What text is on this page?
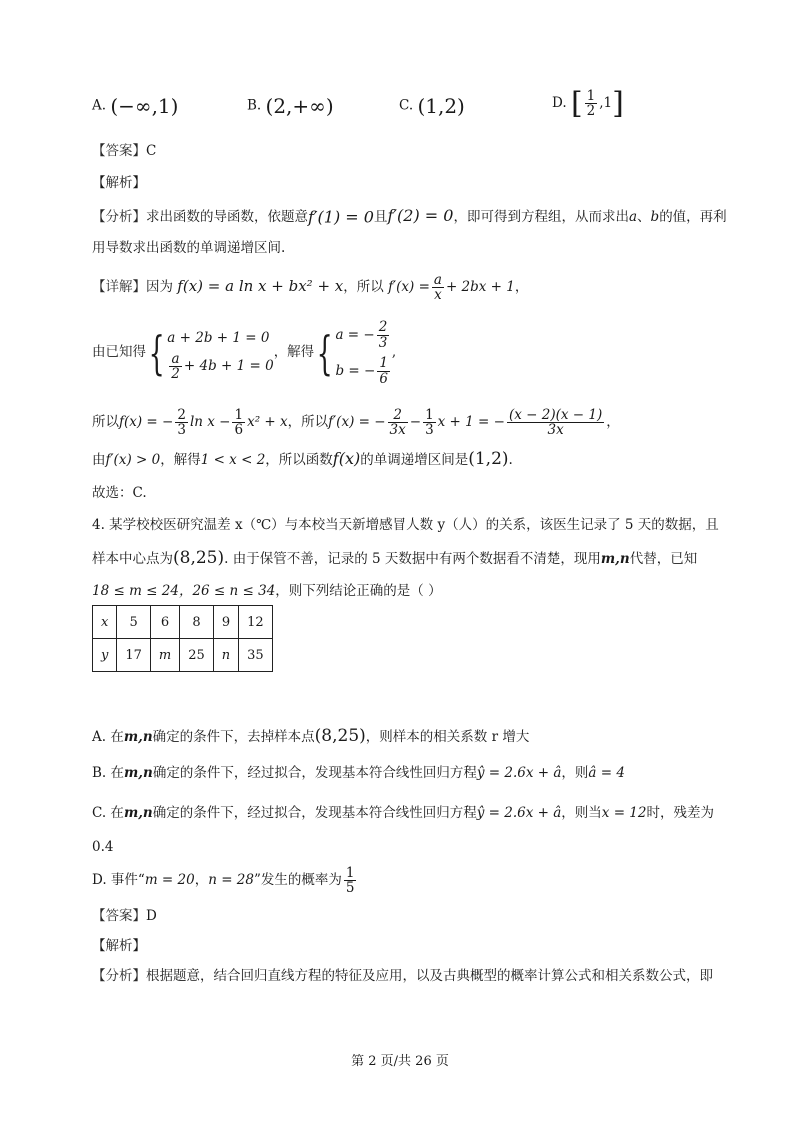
A. (−∞,1)	B. (2,+∞)	C. (1,2)	D. [ $\frac{1}{2} ,1$]
【答案】C
【解析】
【分析】求出函数的导函数，依题意f′(1) = 0且f′(2) = 0，即可得到方程组，从而求出a、b的值，再利
用导数求出函数的单调递增区间.
【详解】因为 f(x) = a ln x + bx² + x，所以 $f'(x) = \frac{a}{x} + 2bx + 1$，
由已知得{ a + 2b + 1 = 0
$\frac{a}{2} + 4b + 1 = 0$
，解得{ a = − $\frac{2}{3}$
b = − $\frac{1}{6}$
,
所以f(x) = − $\frac{2}{3}$ $\ln x - \frac{1}{6} x^2 + x$，所以f′(x) = − $\frac{2}{3x} - \frac{1}{3}$ x + 1 = − $\frac{(x - 2)(x - 1)}{3x}$ ，
由f′(x) > 0，解得1 < x < 2，所以函数f(x)的单调递增区间是(1,2).
故选：C.
4. 某学校校医研究温差 x（℃）与本校当天新增感冒人数 y（人）的关系，该医生记录了 5 天的数据，且
样本中心点为(8,25). 由于保管不善，记录的 5 天数据中有两个数据看不清楚，现用m,n代替，已知
18 ≤ m ≤ 24，26 ≤ n ≤ 34，则下列结论正确的是（ ）
x	5	6	8	9	12
y	17	m	25	n	35
A. 在m,n确定的条件下，去掉样本点(8,25)，则样本的相关系数 r 增大
B. 在m,n确定的条件下，经过拟合，发现基本符合线性回归方程ŷ = 2.6x + â，则â = 4
C. 在m,n确定的条件下，经过拟合，发现基本符合线性回归方程ŷ = 2.6x + â，则当x = 12时，残差为
0.4
D. 事件“m = 20，n = 28”发生的概率为 $\frac{1}{5}$
【答案】D
【解析】
【分析】根据题意，结合回归直线方程的特征及应用，以及古典概型的概率计算公式和相关系数公式，即
第 2 页/共 26 页
